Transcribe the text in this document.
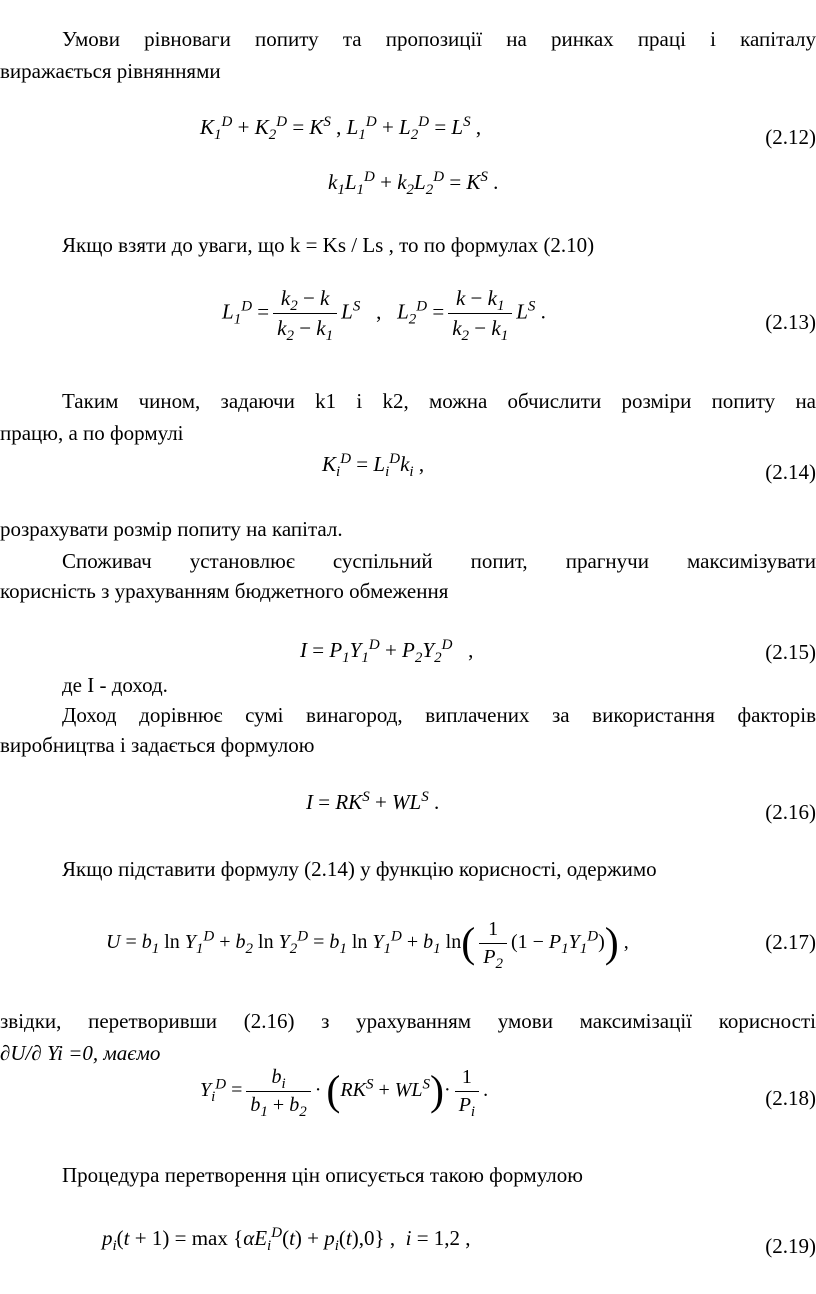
Умови рівноваги попиту та пропозиції на ринках праці і капіталу
виражається рівняннями
$K_1^D + K_2^D = K^S$ , $L_1^D + L_2^D = L^S$ ,	(2.12)
$k_1L_1^D + k_2L_2^D = K^S$ .
Якщо взяти до уваги, що k = Ks / Ls , то по формулах (2.10)
$L_1^D = \frac{k_2 - k}{k_2 - k_1} L^S$   ,   $L_2^D = \frac{k - k_1}{k_2 - k_1} L^S$ .	(2.13)
Таким чином, задаючи k1 і k2, можна обчислити розміри попиту на
працю, а по формулі
$K_i^D = L_i^Dk_i$ ,	(2.14)
розрахувати розмір попиту на капітал.
Споживач установлює суспільний попит, прагнучи максимізувати
корисність з урахуванням бюджетного обмеження
$I = P_1Y_1^D + P_2Y_2^D$   ,	(2.15)
де I - доход.
Доход дорівнює сумі винагород, виплачених за використання факторів
виробництва і задається формулою
$I = RK^S + WL^S$ .	(2.16)
Якщо підставити формулу (2.14) у функцію корисності, одержимо
$U = b_1$ $\ln Y_1^D + b_2$ $\ln Y_2^D = b_1$ $\ln Y_1^D + b_1$ $\ln( \frac{1}{P_2} (1 - P_1Y_1^D))$ ,	(2.17)
звідки, перетворивши (2.16) з урахуванням умови максимізації корисності
∂U/∂ Yi =0, маємо
$Y_i^D = \frac{b_i}{b_1 + b_2} \cdot (RK^S + WL^S)\cdot \frac{1}{P_i}$ .	(2.18)
Процедура перетворення цін описується такою формулою
$p_i(t + 1) = \max \{\alpha E_i^D(t) + p_i(t),0\}$ ,  i = 1,2 ,	(2.19)
